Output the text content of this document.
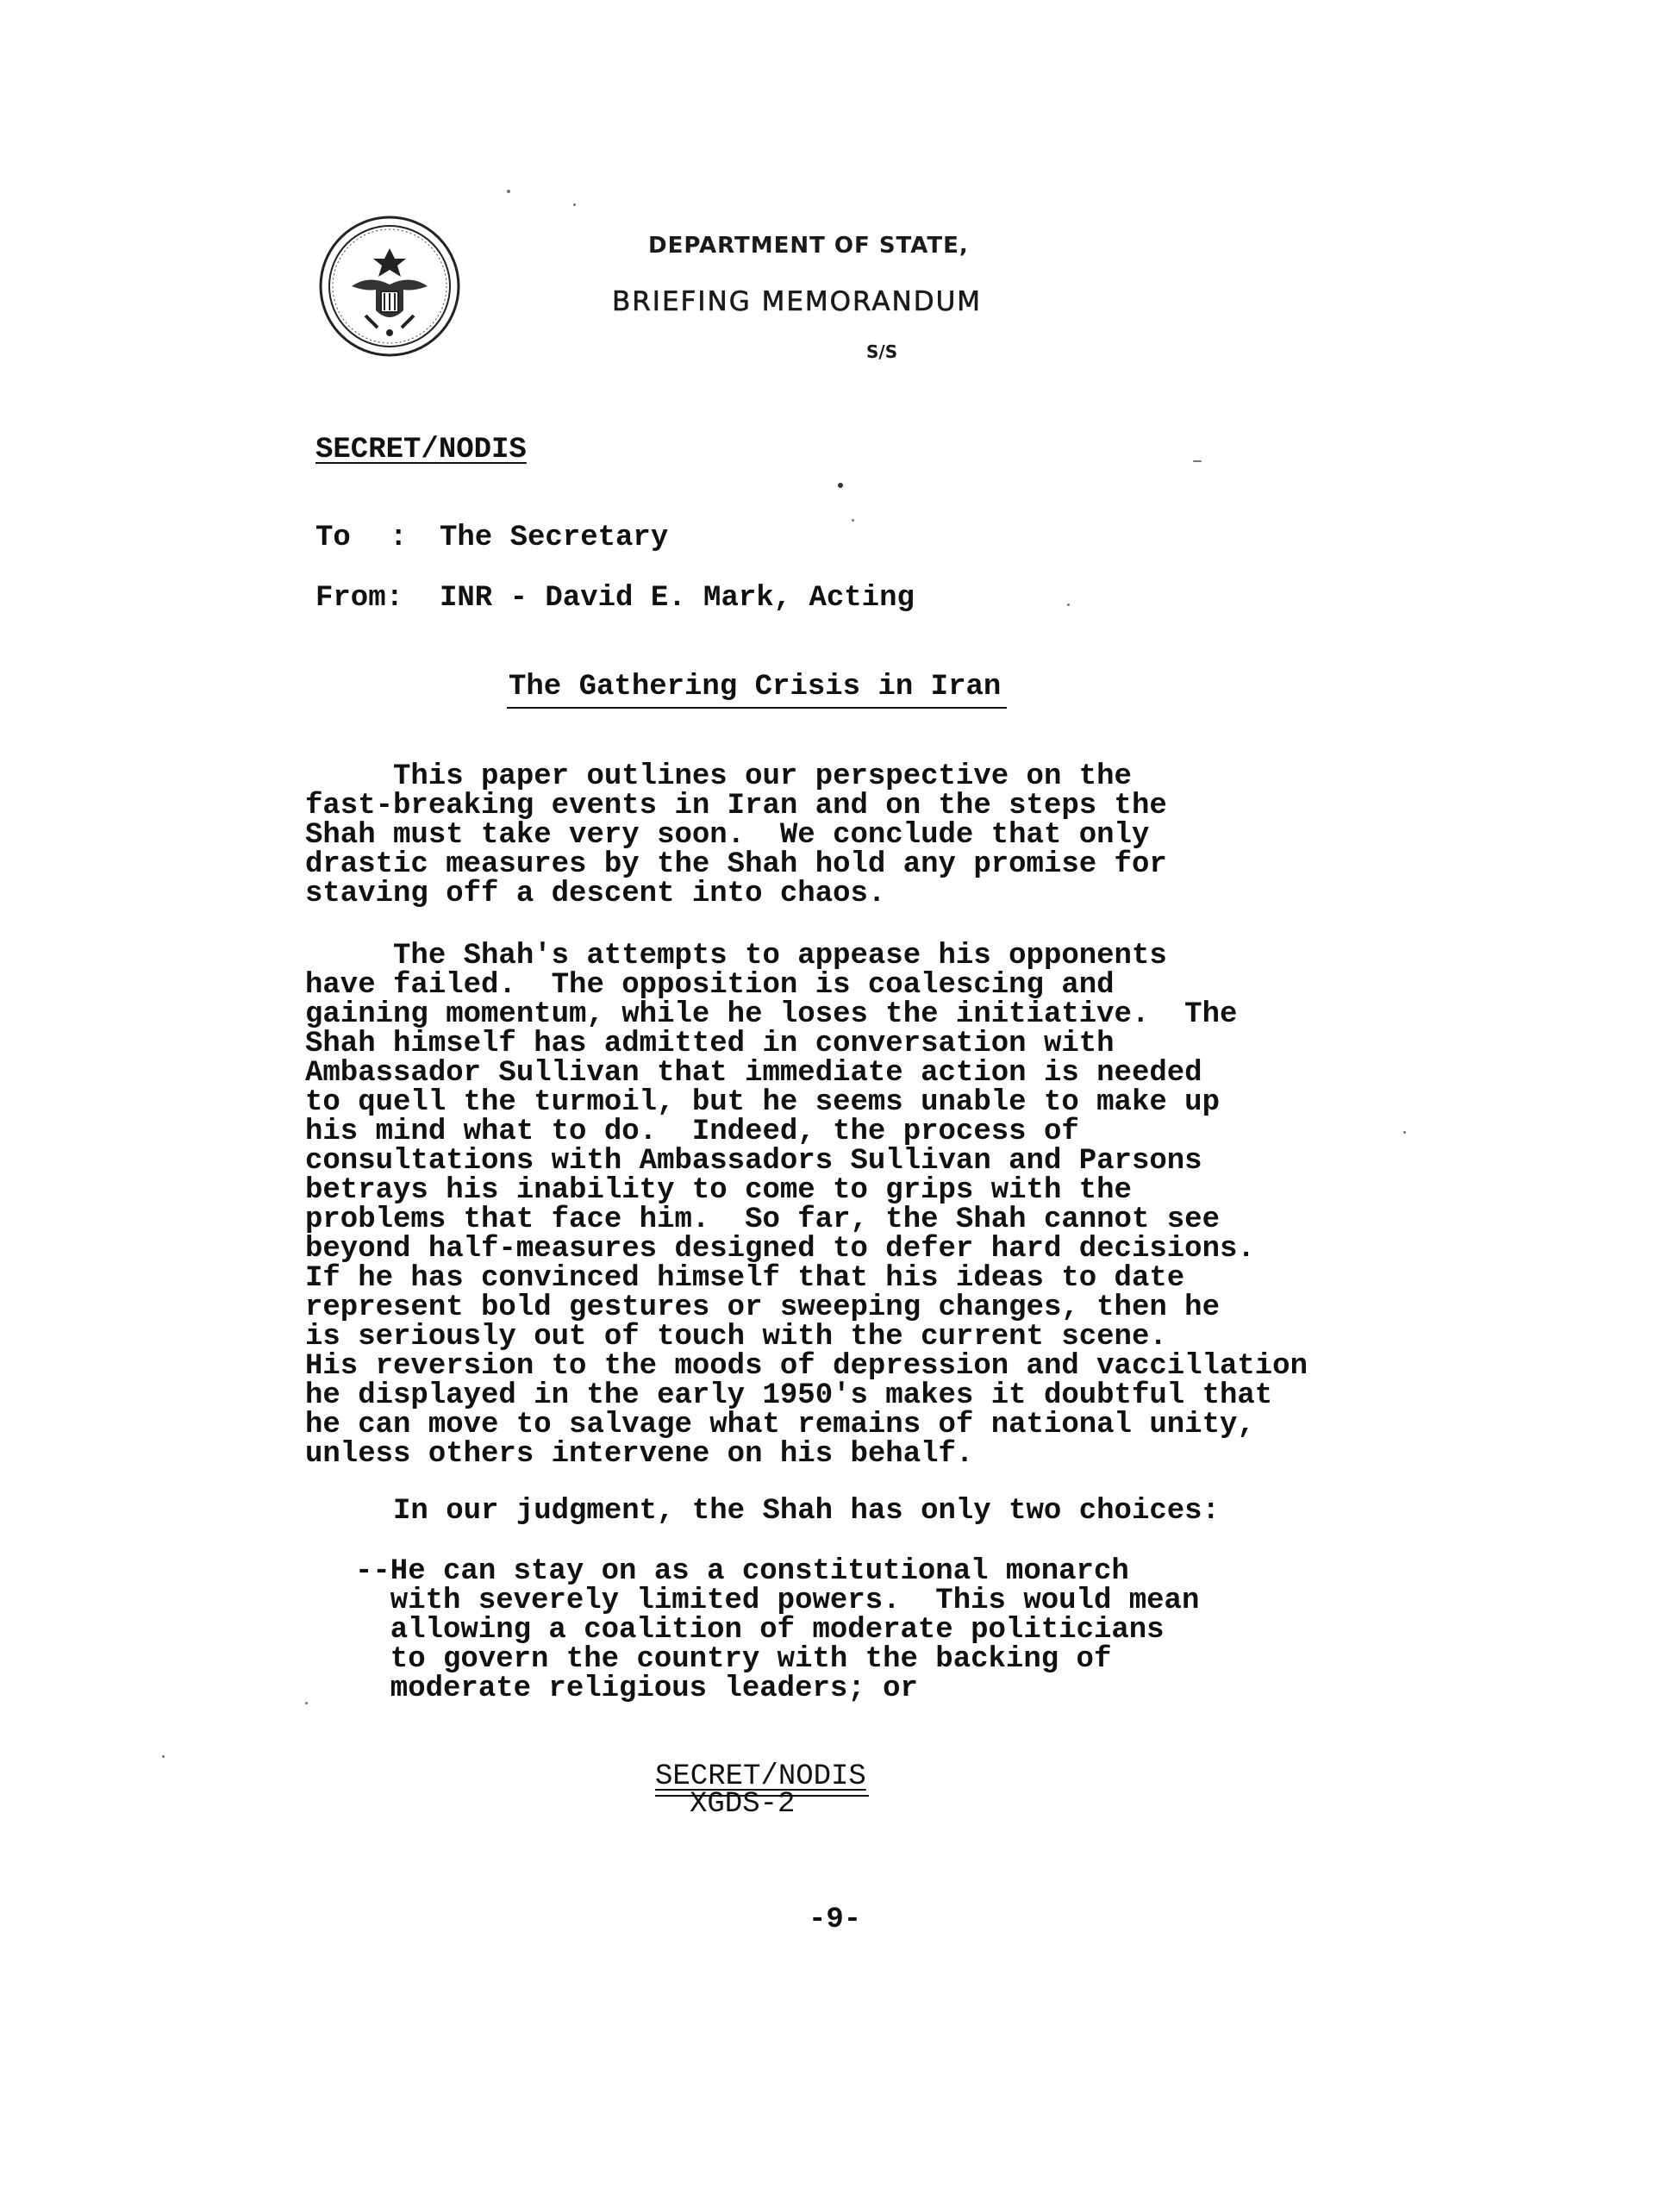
DEPARTMENT OF STATE,
BRIEFING MEMORANDUM
S/S
SECRET/NODIS
To : The Secretary
From: INR - David E. Mark, Acting
The Gathering Crisis in Iran
This paper outlines our perspective on the
fast-breaking events in Iran and on the steps the
Shah must take very soon.  We conclude that only
drastic measures by the Shah hold any promise for
staving off a descent into chaos.
The Shah's attempts to appease his opponents
have failed.  The opposition is coalescing and
gaining momentum, while he loses the initiative.  The
Shah himself has admitted in conversation with
Ambassador Sullivan that immediate action is needed
to quell the turmoil, but he seems unable to make up
his mind what to do.  Indeed, the process of
consultations with Ambassadors Sullivan and Parsons
betrays his inability to come to grips with the
problems that face him.  So far, the Shah cannot see
beyond half-measures designed to defer hard decisions.
If he has convinced himself that his ideas to date
represent bold gestures or sweeping changes, then he
is seriously out of touch with the current scene.
His reversion to the moods of depression and vaccillation
he displayed in the early 1950's makes it doubtful that
he can move to salvage what remains of national unity,
unless others intervene on his behalf.
In our judgment, the Shah has only two choices:
--He can stay on as a constitutional monarch
with severely limited powers.  This would mean
allowing a coalition of moderate politicians
to govern the country with the backing of
moderate religious leaders; or
SECRET/NODIS
XGDS-2
-9-
